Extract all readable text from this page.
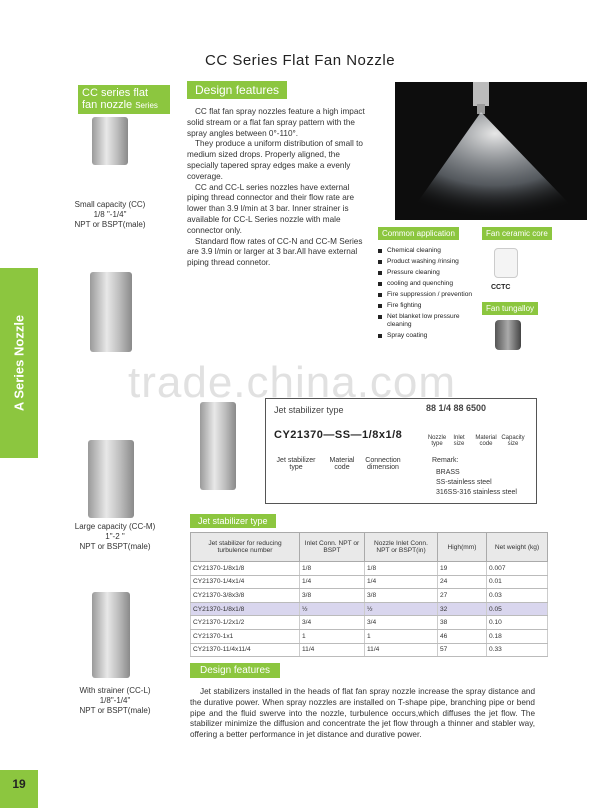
A Series Nozzle
19
CC Series Flat Fan Nozzle
CC series flat
fan nozzle Series
Design features

CC flat fan spray nozzles feature a high impact solid stream or a flat fan spray pattern with the spray angles between 0°-110°.

They produce a uniform distribution of small to medium sized drops. Properly aligned, the specially tapered spray edges make a evenly coverage.

CC and CC-L series nozzles have external piping thread connector and their flow rate are lower than 3.9 l/min at 3 bar. Inner strainer is available for CC-L Series nozzle with male connector only.

Standard flow rates of CC-N and CC-M Series are 3.9 l/min or larger at 3 bar.All have external piping thread connetor.

Small capacity (CC)
1/8 "-1/4"
NPT or BSPT(male)
Large capacity (CC-M)
1"-2 "
NPT or BSPT(male)
With strainer (CC-L)
1/8"-1/4"
NPT or BSPT(male)
Common application
Chemical cleaning
Product washing /rinsing
Pressure cleaning
cooling and quenching
Fire suppression / prevention
Fire fighting
Net blanket low pressure cleaning
Spray coating
Fan ceramic core
CCTC
Fan tungalloy
Jet stabilizer type	88 1/4 88 6500
CY21370—SS—1/8x1/8
Jet stabilizer type
Material code
Connection dimension
Nozzle type
Inlet size
Material code
Capacity size
Remark:
BRASS
SS-stainless steel
316SS-316 stainless steel
Jet stabilizer type
Jet stabilizer for reducing turbulence number	Inlet Conn. NPT or BSPT	Nozzle Inlet Conn. NPT or BSPT(in)	High(mm)	Net weight (kg)
CY21370-1/8x1/8	1/8	1/8	19	0.007
CY21370-1/4x1/4	1/4	1/4	24	0.01
CY21370-3/8x3/8	3/8	3/8	27	0.03
CY21370-1/8x1/8	½	½	32	0.05
CY21370-1/2x1/2	3/4	3/4	38	0.10
CY21370-1x1	1	1	46	0.18
CY21370-11/4x11/4	11/4	11/4	57	0.33
Design features

Jet stabilizers installed in the heads of flat fan spray nozzle increase the spray distance and the durative power. When spray nozzles are installed on T-shape pipe, branching pipe or bend pipe and the fluid swerve into the nozzle, turbulence occurs,which diffuses the jet flow. The stabilizer minimize the diffusion and concentrate the jet flow through a thinner and stabler way, offering a better performance in jet distance and durative power.

trade.china.com
